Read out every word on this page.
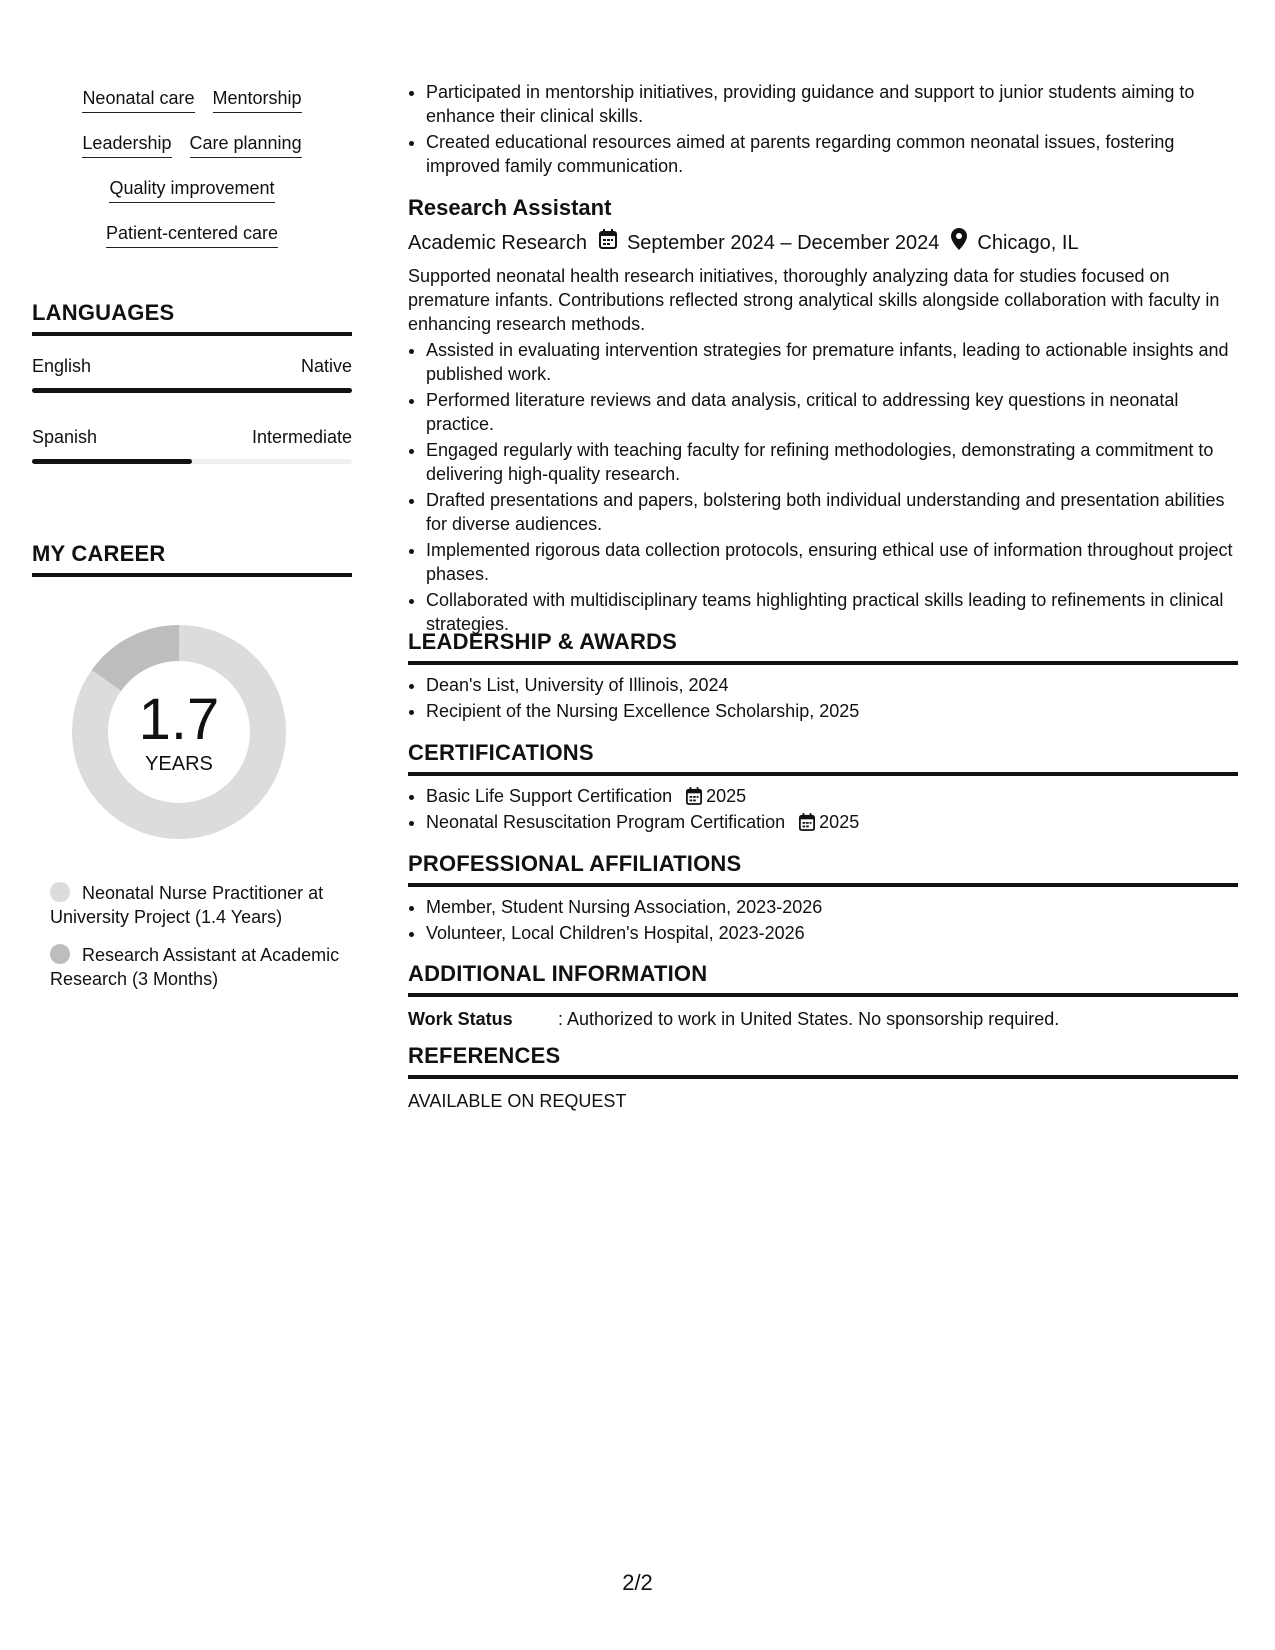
Neonatal care Mentorship
Leadership Care planning
Quality improvement
Patient-centered care
LANGUAGES
English	Native
Spanish	Intermediate
MY CAREER
1.7
YEARS
Neonatal Nurse Practitioner at University Project (1.4 Years)
Research Assistant at Academic Research (3 Months)
• Participated in mentorship initiatives, providing guidance and support to junior students aiming to enhance their clinical skills.
• Created educational resources aimed at parents regarding common neonatal issues, fostering improved family communication.
Research Assistant
Academic Research September 2024 – December 2024 Chicago, IL
Supported neonatal health research initiatives, thoroughly analyzing data for studies focused on premature infants. Contributions reflected strong analytical skills alongside collaboration with faculty in enhancing research methods.
• Assisted in evaluating intervention strategies for premature infants, leading to actionable insights and published work.
• Performed literature reviews and data analysis, critical to addressing key questions in neonatal practice.
• Engaged regularly with teaching faculty for refining methodologies, demonstrating a commitment to delivering high-quality research.
• Drafted presentations and papers, bolstering both individual understanding and presentation abilities for diverse audiences.
• Implemented rigorous data collection protocols, ensuring ethical use of information throughout project phases.
• Collaborated with multidisciplinary teams highlighting practical skills leading to refinements in clinical strategies.
LEADERSHIP & AWARDS
• Dean's List, University of Illinois, 2024
• Recipient of the Nursing Excellence Scholarship, 2025
CERTIFICATIONS
• Basic Life Support Certification 2025
• Neonatal Resuscitation Program Certification 2025
PROFESSIONAL AFFILIATIONS
• Member, Student Nursing Association, 2023-2026
• Volunteer, Local Children's Hospital, 2023-2026
ADDITIONAL INFORMATION
Work Status	: Authorized to work in United States. No sponsorship required.
REFERENCES
AVAILABLE ON REQUEST
2/2
